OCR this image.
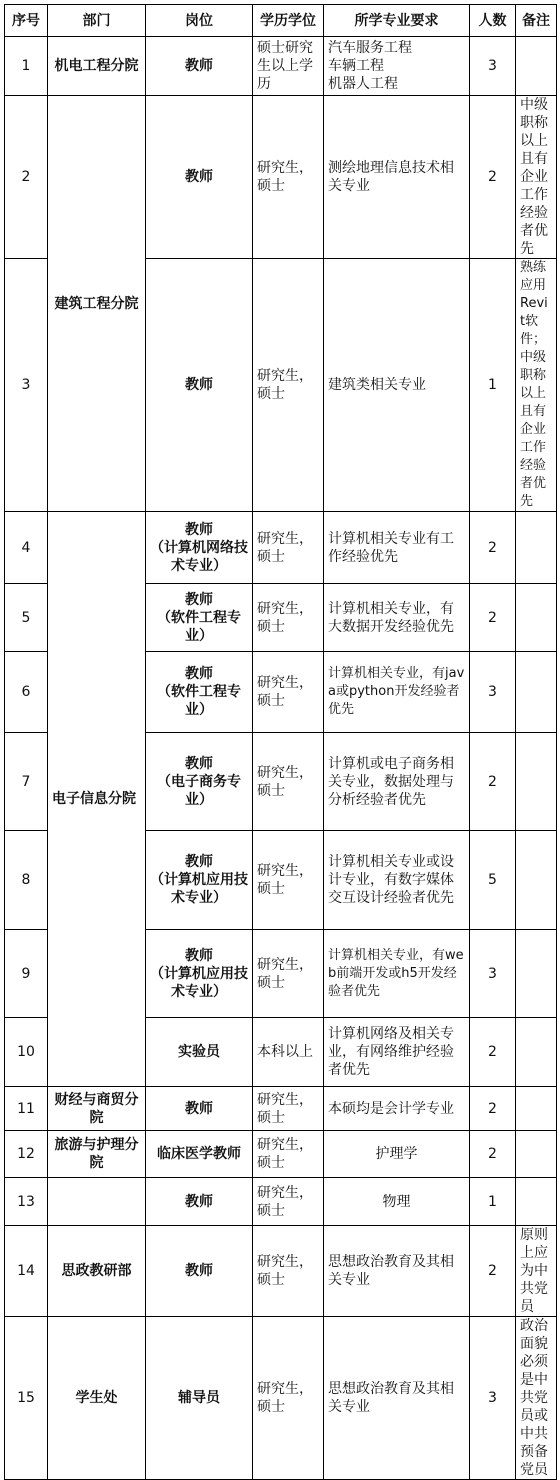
序号	部门	岗位	学历学位	所学专业要求	人数	备注
1	机电工程分院	教师	硕士研究生以上学历	汽车服务工程
车辆工程
机器人工程	3	
2	建筑工程分院	教师	研究生，硕士	测绘地理信息技术相关专业	2	中级职称以上且有企业工作经验者优先
3		教师	研究生，硕士	建筑类相关专业	1	熟练应用Revit软件；中级职称以上且有企业工作经验者优先
4	电子信息分院	教师
（计算机网络技术专业）	研究生，硕士	计算机相关专业有工作经验优先	2	
5		教师
（软件工程专业）	研究生，硕士	计算机相关专业，有大数据开发经验优先	2	
6		教师
（软件工程专业）	研究生，硕士	计算机相关专业，有java或python开发经验者优先	3	
7		教师
（电子商务专业）	研究生，硕士	计算机或电子商务相关专业，数据处理与分析经验者优先	2	
8		教师
（计算机应用技术专业）	研究生，硕士	计算机相关专业或设计专业，有数字媒体交互设计经验者优先	5	
9		教师
（计算机应用技术专业）	研究生，硕士	计算机相关专业，有web前端开发或h5开发经验者优先	3	
10		实验员	本科以上	计算机网络及相关专业，有网络维护经验者优先	2	
11	财经与商贸分院	教师	研究生，硕士	本硕均是会计学专业	2	
12	旅游与护理分院	临床医学教师	研究生，硕士	护理学	2	
13		教师	研究生，硕士	物理	1	
14	思政教研部	教师	研究生，硕士	思想政治教育及其相关专业	2	原则上应为中共党员
15	学生处	辅导员	研究生，硕士	思想政治教育及其相关专业	3	政治面貌必须是中共党员或中共预备党员
